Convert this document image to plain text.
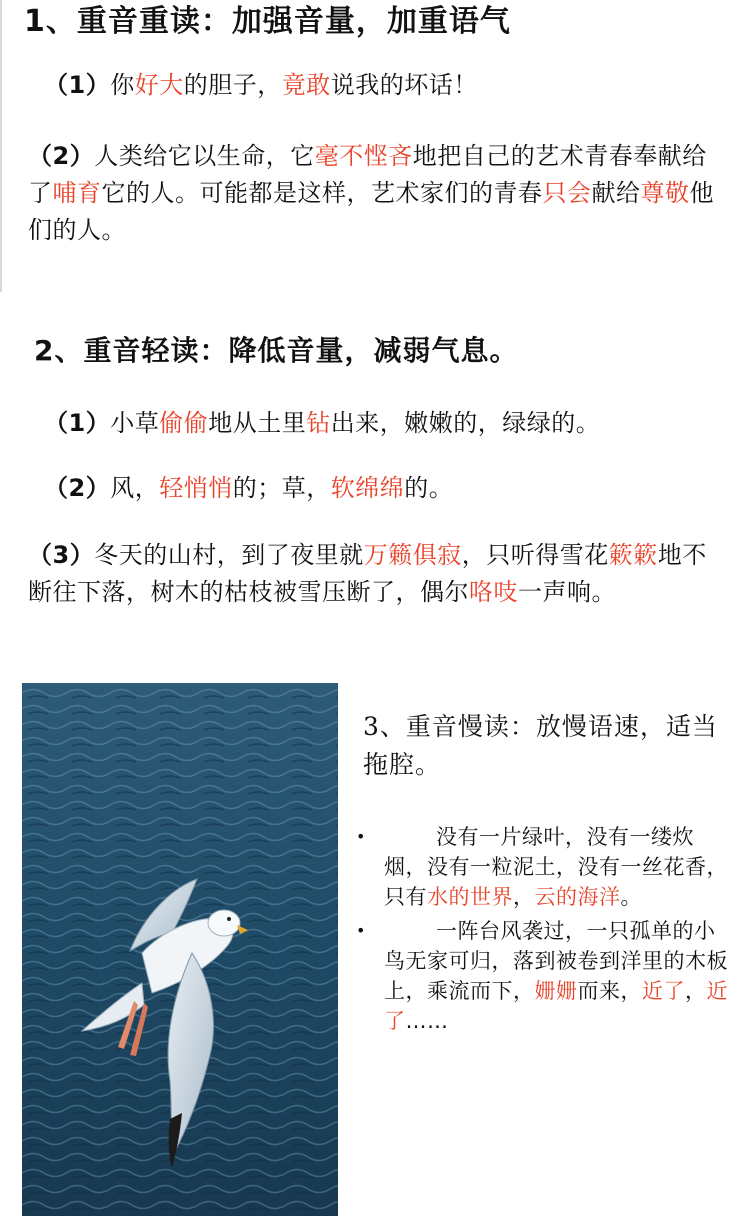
1、重音重读：加强音量，加重语气
（1）你好大的胆子，竟敢说我的坏话！
（2）人类给它以生命，它毫不悭吝地把自己的艺术青春奉献给了哺育它的人。可能都是这样，艺术家们的青春只会献给尊敬他们的人。
2、重音轻读：降低音量，减弱气息。
（1）小草偷偷地从土里钻出来，嫩嫩的，绿绿的。
（2）风，轻悄悄的；草，软绵绵的。
（3）冬天的山村，到了夜里就万籁俱寂，只听得雪花簌簌地不断往下落，树木的枯枝被雪压断了，偶尔咯吱一声响。
3、重音慢读：放慢语速，适当拖腔。
•	没有一片绿叶，没有一缕炊烟，没有一粒泥土，没有一丝花香，只有水的世界，云的海洋。
•	一阵台风袭过，一只孤单的小鸟无家可归，落到被卷到洋里的木板上，乘流而下，姗姗而来，近了，近了……
